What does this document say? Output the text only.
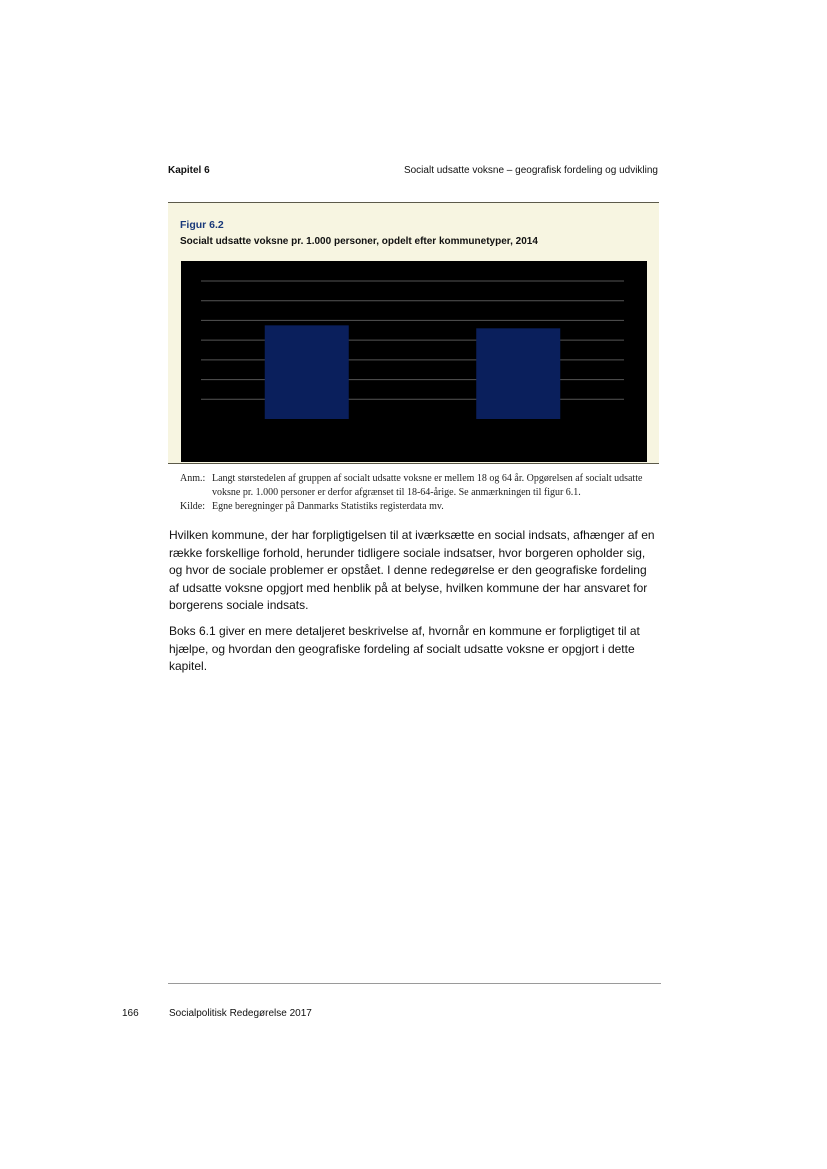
Kapitel 6	Socialt udsatte voksne – geografisk fordeling og udvikling
Figur 6.2
Socialt udsatte voksne pr. 1.000 personer, opdelt efter kommunetyper, 2014
Anm.: Langt størstedelen af gruppen af socialt udsatte voksne er mellem 18 og 64 år. Opgørelsen af socialt udsatte voksne pr. 1.000 personer er derfor afgrænset til 18-64-årige. Se anmærkningen til figur 6.1.
Kilde: Egne beregninger på Danmarks Statistiks registerdata mv.

Hvilken kommune, der har forpligtigelsen til at iværksætte en social indsats, afhænger af en række forskellige forhold, herunder tidligere sociale indsatser, hvor borgeren opholder sig, og hvor de sociale problemer er opstået. I denne redegørelse er den geografiske fordeling af udsatte voksne opgjort med henblik på at belyse, hvilken kommune der har ansvaret for borgerens sociale indsats.

Boks 6.1 giver en mere detaljeret beskrivelse af, hvornår en kommune er forpligtiget til at hjælpe, og hvordan den geografiske fordeling af socialt udsatte voksne er opgjort i dette kapitel.

166	Socialpolitisk Redegørelse 2017
